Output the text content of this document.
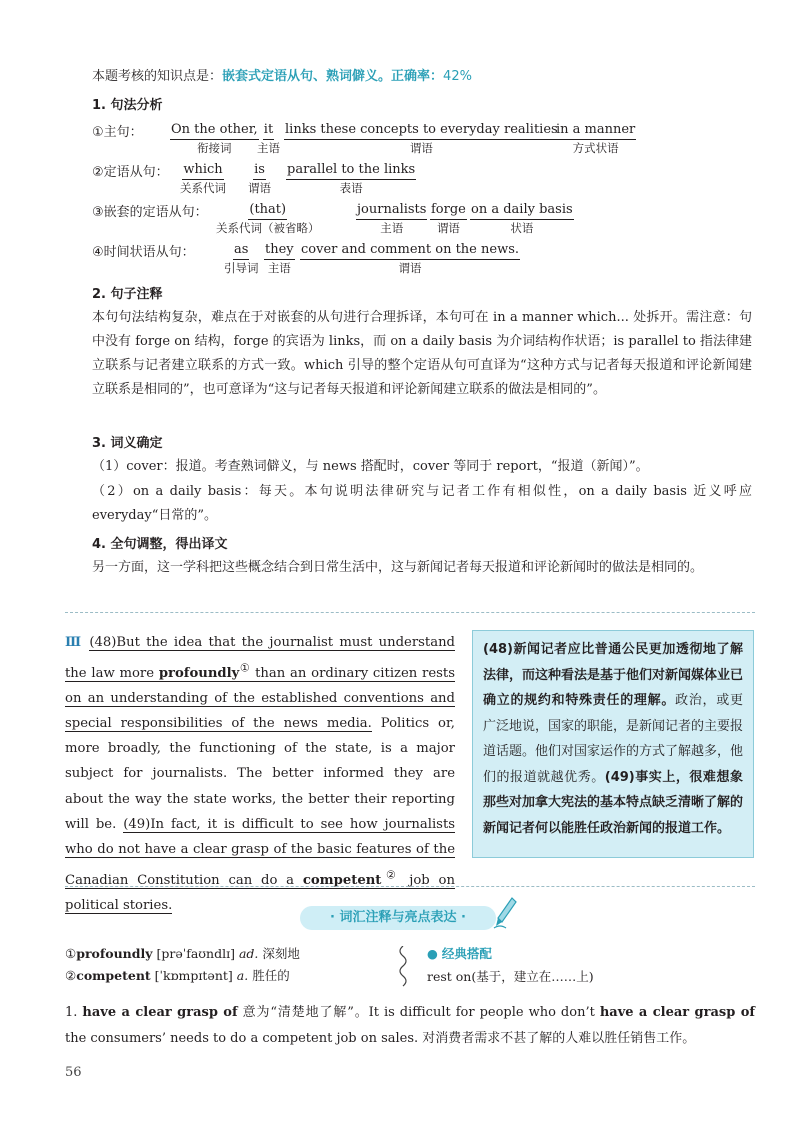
本题考核的知识点是：嵌套式定语从句、熟词僻义。正确率：42%
1. 句法分析
①主句： On the other,
衔接词
it
主语
links these concepts to everyday realities
谓语
in a manner
方式状语
②定语从句： which
关系代词
is
谓语
parallel to the links
表语
③嵌套的定语从句：	(that)
关系代词（被省略）
journalists
主语
forge
谓语
on a daily basis
状语
④时间状语从句：	as
引导词
they
主语
cover and comment on the news.
谓语
2. 句子注释
本句句法结构复杂，难点在于对嵌套的从句进行合理拆译，本句可在 in a manner which... 处拆开。需注意：句中没有 forge on 结构，forge 的宾语为 links，而 on a daily basis 为介词结构作状语；is parallel to 指法律建立联系与记者建立联系的方式一致。which 引导的整个定语从句可直译为“这种方式与记者每天报道和评论新闻建立联系是相同的”，也可意译为“这与记者每天报道和评论新闻建立联系的做法是相同的”。
3. 词义确定
（1）cover：报道。考查熟词僻义，与 news 搭配时，cover 等同于 report，“报道（新闻）”。
（2）on a daily basis：每天。本句说明法律研究与记者工作有相似性，on a daily basis 近义呼应 everyday“日常的”。
4. 全句调整，得出译文
另一方面，这一学科把这些概念结合到日常生活中，这与新闻记者每天报道和评论新闻时的做法是相同的。
Ⅲ (48)But the idea that the journalist must understand the law more profoundly① than an ordinary citizen rests on an understanding of the established conventions and special responsibilities of the news media. Politics or, more broadly, the functioning of the state, is a major subject for journalists. The better informed they are about the way the state works, the better their reporting will be. (49)In fact, it is difficult to see how journalists who do not have a clear grasp of the basic features of the Canadian Constitution can do a competent② job on political stories.
(48)新闻记者应比普通公民更加透彻地了解法律，而这种看法是基于他们对新闻媒体业已确立的规约和特殊责任的理解。政治，或更广泛地说，国家的职能，是新闻记者的主要报道话题。他们对国家运作的方式了解越多，他们的报道就越优秀。(49)事实上，很难想象那些对加拿大宪法的基本特点缺乏清晰了解的新闻记者何以能胜任政治新闻的报道工作。
· 词汇注释与亮点表达 ·
①profoundly [prəˈfaʊndlɪ] ad. 深刻地
②competent [ˈkɒmpɪtənt] a. 胜任的
● 经典搭配
rest on(基于，建立在……上)
1. have a clear grasp of 意为“清楚地了解”。It is difficult for people who don’t have a clear grasp of the consumers’ needs to do a competent job on sales. 对消费者需求不甚了解的人难以胜任销售工作。
56
